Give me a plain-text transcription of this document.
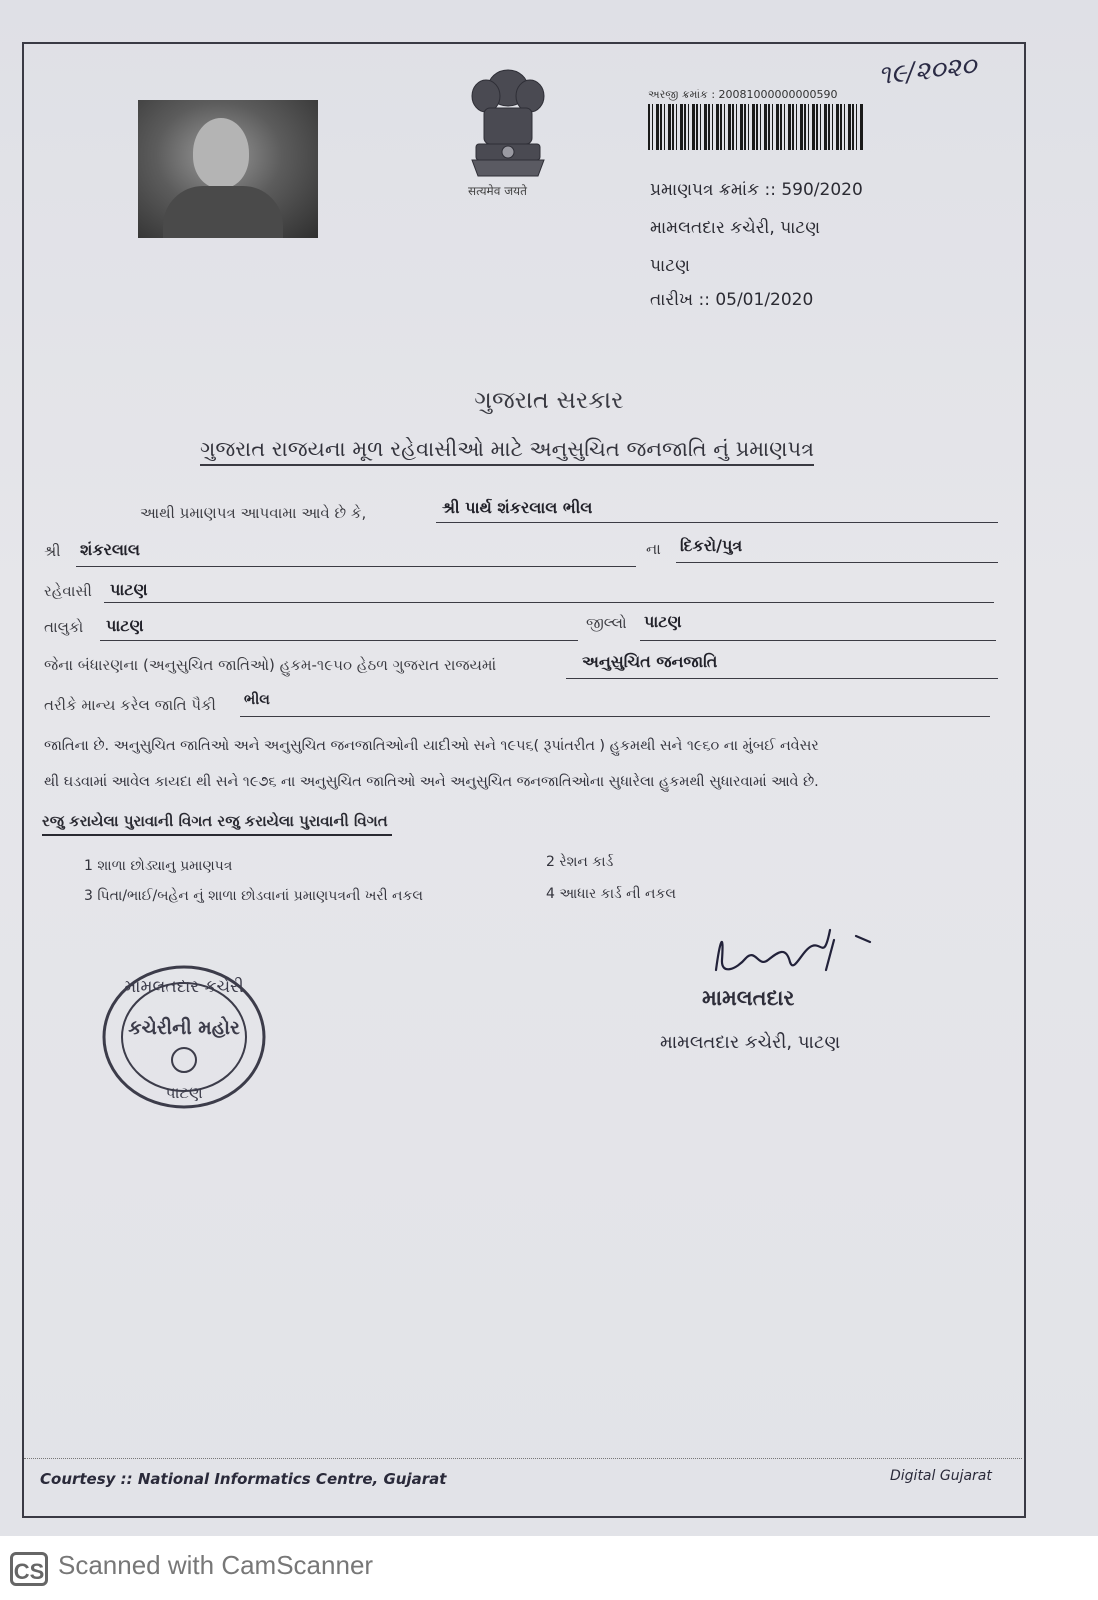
सत्यमेव जयते
૧૯/૨૦૨૦
અરજી ક્રમાંક : 20081000000000590
પ્રમાણપત્ર ક્રમાંક :: 590/2020
મામલતદાર કચેરી, પાટણ
પાટણ
તારીખ :: 05/01/2020
ગુજરાત સરકાર
ગુજરાત રાજયના મૂળ રહેવાસીઓ માટે અનુસુચિત જનજાતિ નું પ્રમાણપત્ર
આથી પ્રમાણપત્ર આપવામા આવે છે કે,	શ્રી પાર્થ શંકરલાલ ભીલ
શ્રી શંકરલાલ	ના દિકરો/પુત્ર
રહેવાસી પાટણ
તાલુકો પાટણ	જીલ્લો પાટણ
જેના બંધારણના (અનુસુચિત જાતિઓ) હુકમ-૧૯૫૦ હેઠળ ગુજરાત રાજયમાં	અનુસુચિત જનજાતિ
તરીકે માન્ય કરેલ જાતિ પૈકી ભીલ
જાતિના છે. અનુસુચિત જાતિઓ અને અનુસુચિત જનજાતિઓની યાદીઓ સને ૧૯૫૬( રૂપાંતરીત ) હુકમથી સને ૧૯૬૦ ના મુંબઈ નવેસર
થી ઘડવામાં આવેલ કાયદા થી સને ૧૯૭૬ ના અનુસુચિત જાતિઓ અને અનુસુચિત જનજાતિઓના સુધારેલા હુકમથી સુધારવામાં આવે છે.
રજુ કરાયેલા પુરાવાની વિગત રજુ કરાયેલા પુરાવાની વિગત
1 શાળા છોડ્યાનુ પ્રમાણપત્ર	2 રેશન કાર્ડ
3 પિતા/ભાઈ/બહેન નું શાળા છોડવાનાં પ્રમાણપત્રની ખરી નકલ	4 આધાર કાર્ડ ની નકલ
મામલતદાર કચેરી
કચેરીની મહોર
પાટણ
મામલતદાર
મામલતદાર કચેરી, પાટણ
Courtesy :: National Informatics Centre, Gujarat	Digital Gujarat
CS Scanned with CamScanner
